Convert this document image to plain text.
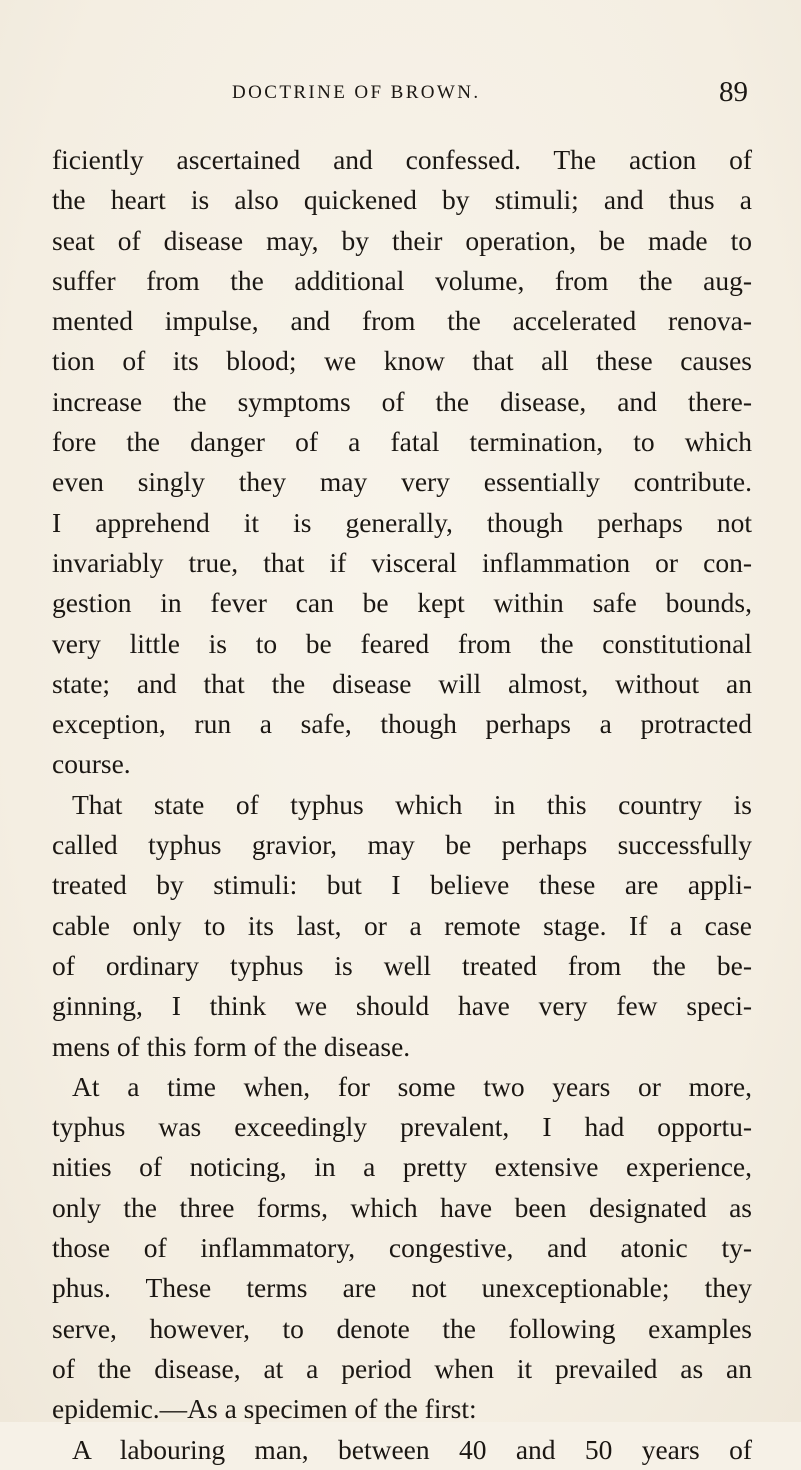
DOCTRINE OF BROWN.	89
ficiently ascertained and confessed. The action of
the heart is also quickened by stimuli; and thus a
seat of disease may, by their operation, be made to
suffer from the additional volume, from the aug-
mented impulse, and from the accelerated renova-
tion of its blood; we know that all these causes
increase the symptoms of the disease, and there-
fore the danger of a fatal termination, to which
even singly they may very essentially contribute.
I apprehend it is generally, though perhaps not
invariably true, that if visceral inflammation or con-
gestion in fever can be kept within safe bounds,
very little is to be feared from the constitutional
state; and that the disease will almost, without an
exception, run a safe, though perhaps a protracted
course.
That state of typhus which in this country is
called typhus gravior, may be perhaps successfully
treated by stimuli: but I believe these are appli-
cable only to its last, or a remote stage. If a case
of ordinary typhus is well treated from the be-
ginning, I think we should have very few speci-
mens of this form of the disease.
At a time when, for some two years or more,
typhus was exceedingly prevalent, I had opportu-
nities of noticing, in a pretty extensive experience,
only the three forms, which have been designated as
those of inflammatory, congestive, and atonic ty-
phus. These terms are not unexceptionable; they
serve, however, to denote the following examples
of the disease, at a period when it prevailed as an
epidemic.—As a specimen of the first:
A labouring man, between 40 and 50 years of
